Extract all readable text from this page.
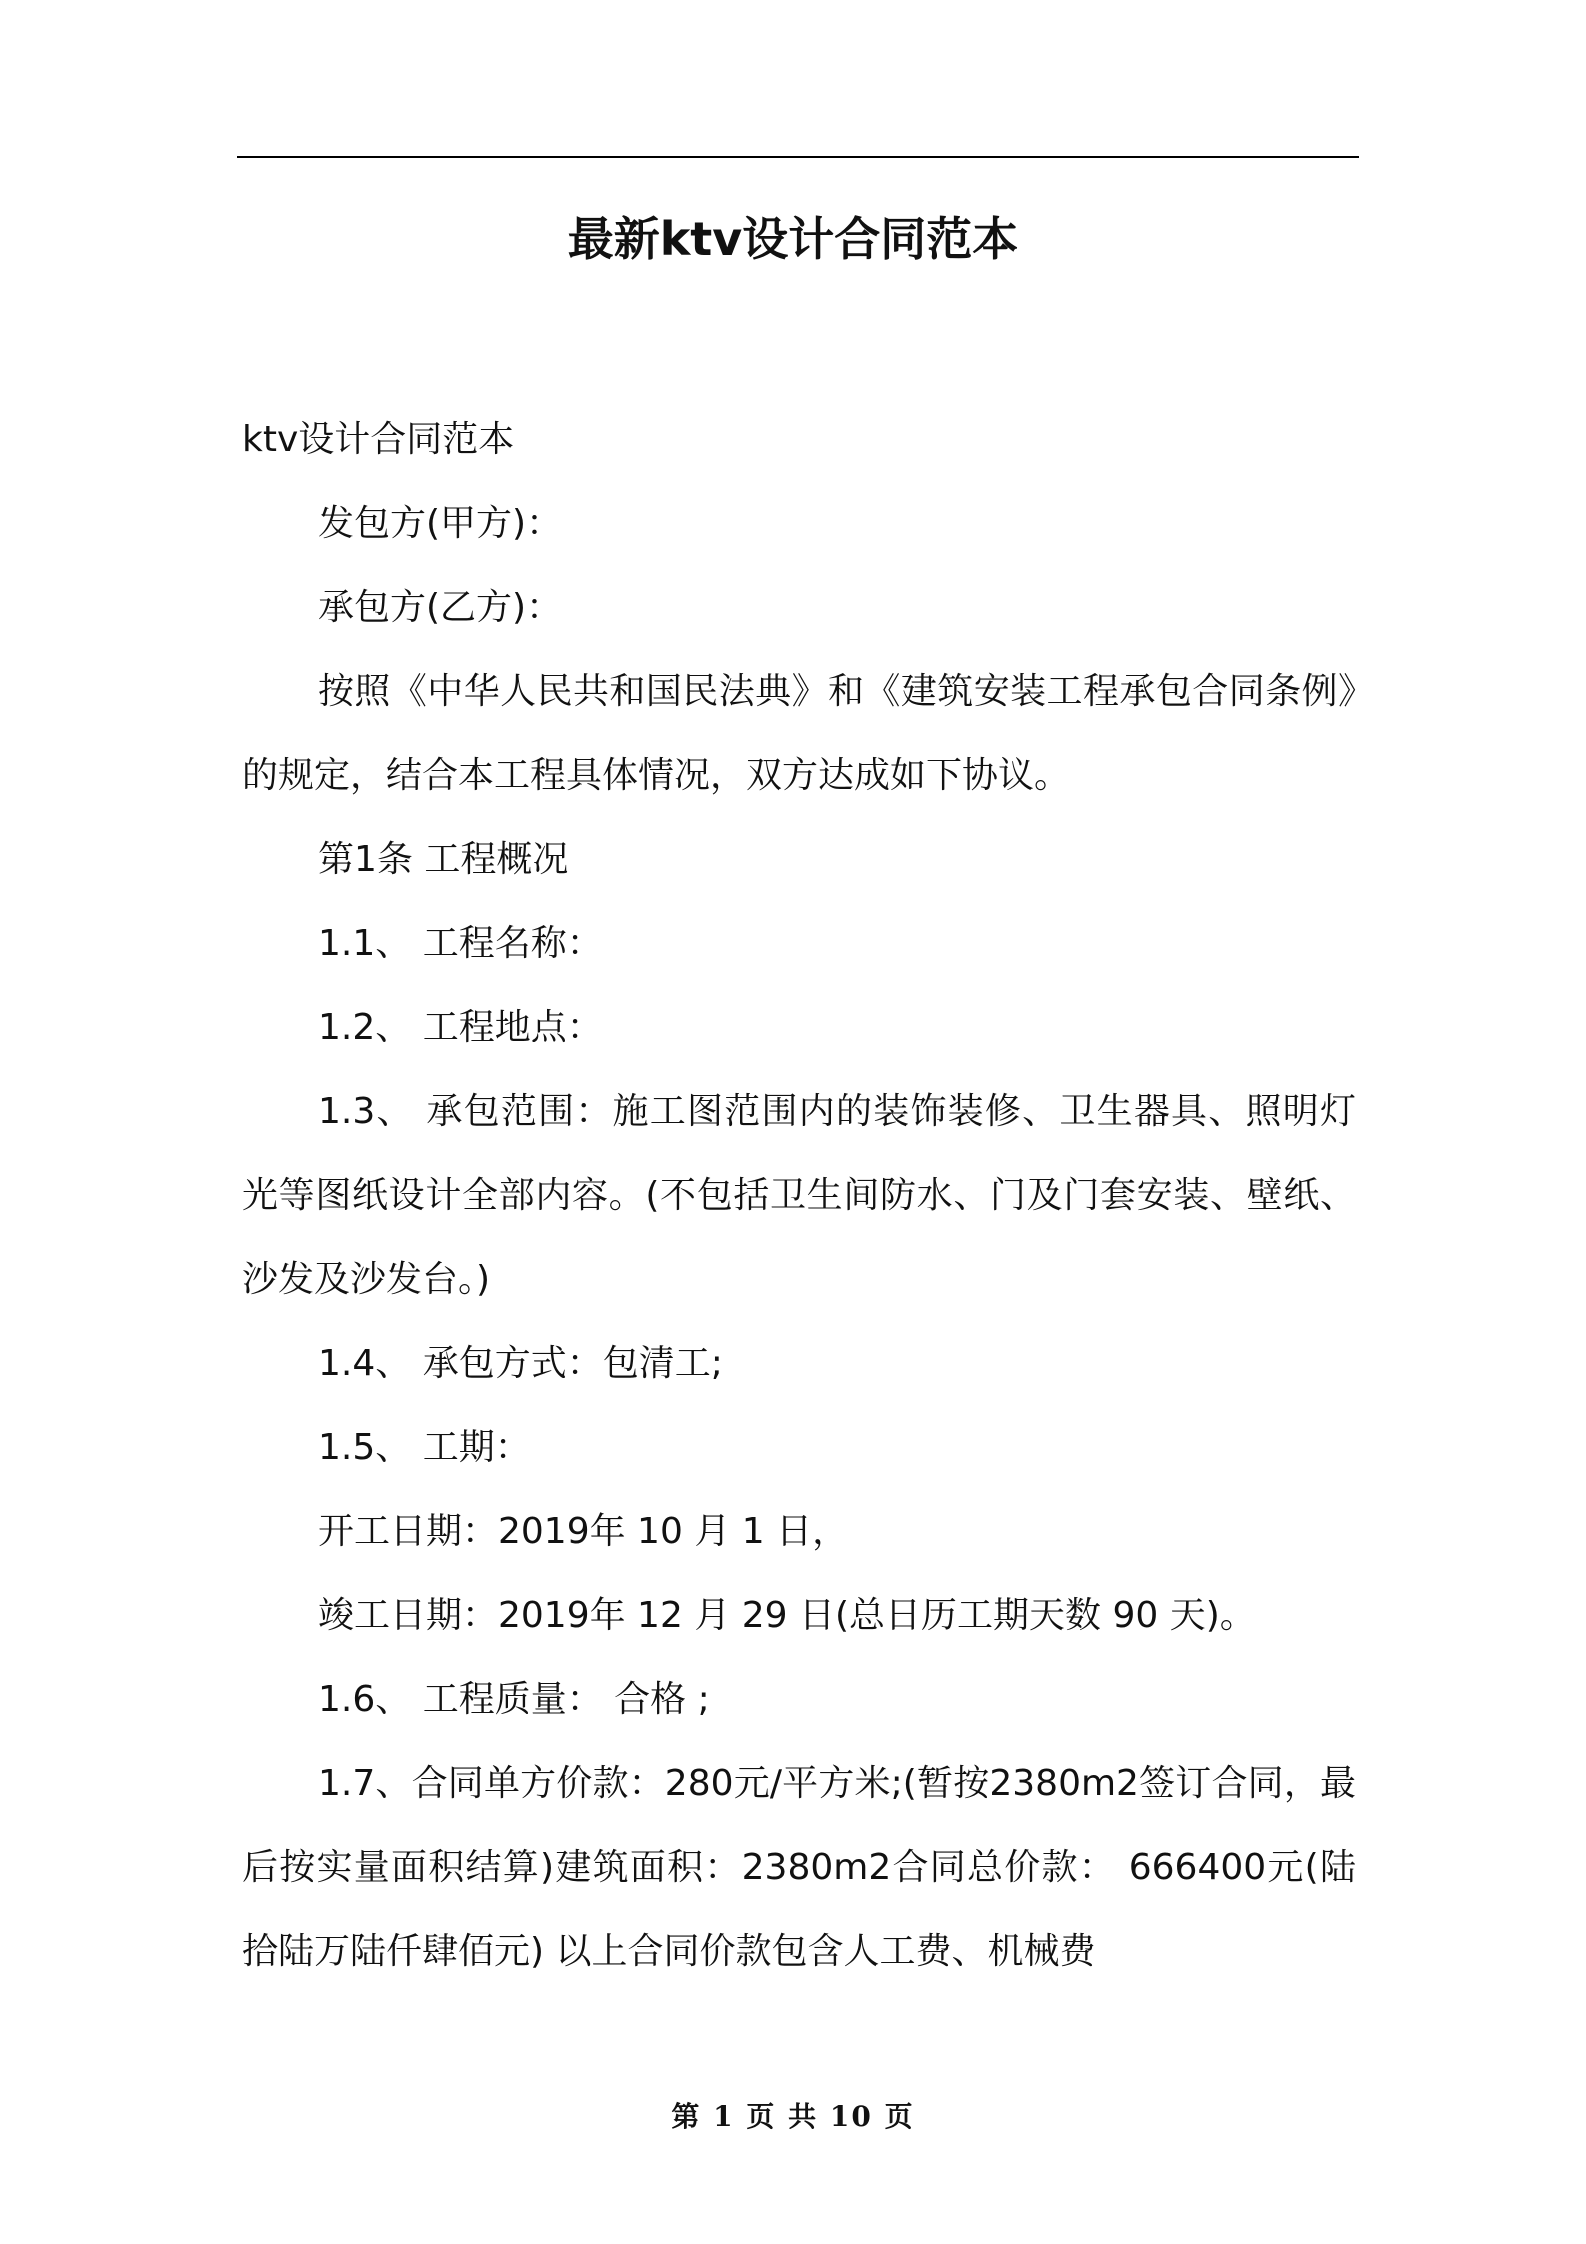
最新ktv设计合同范本

ktv设计合同范本

发包方(甲方)：

承包方(乙方)：

按照《中华人民共和国民法典》和《建筑安装工程承包合同条例》的规定，结合本工程具体情况，双方达成如下协议。

第1条 工程概况

1.1、 工程名称：

1.2、 工程地点：

1.3、 承包范围：施工图范围内的装饰装修、卫生器具、照明灯光等图纸设计全部内容。(不包括卫生间防水、门及门套安装、壁纸、沙发及沙发台。)

1.4、 承包方式：包清工;

1.5、 工期：

开工日期：2019年 10 月 1 日，

竣工日期：2019年 12 月 29 日(总日历工期天数 90 天)。

1.6、 工程质量： 合格 ;

1.7、合同单方价款：280元/平方米;(暂按2380m2签订合同，最后按实量面积结算)建筑面积：2380m2合同总价款： 666400元(陆拾陆万陆仟肆佰元) 以上合同价款包含人工费、机械费

第 1 页 共 10 页
